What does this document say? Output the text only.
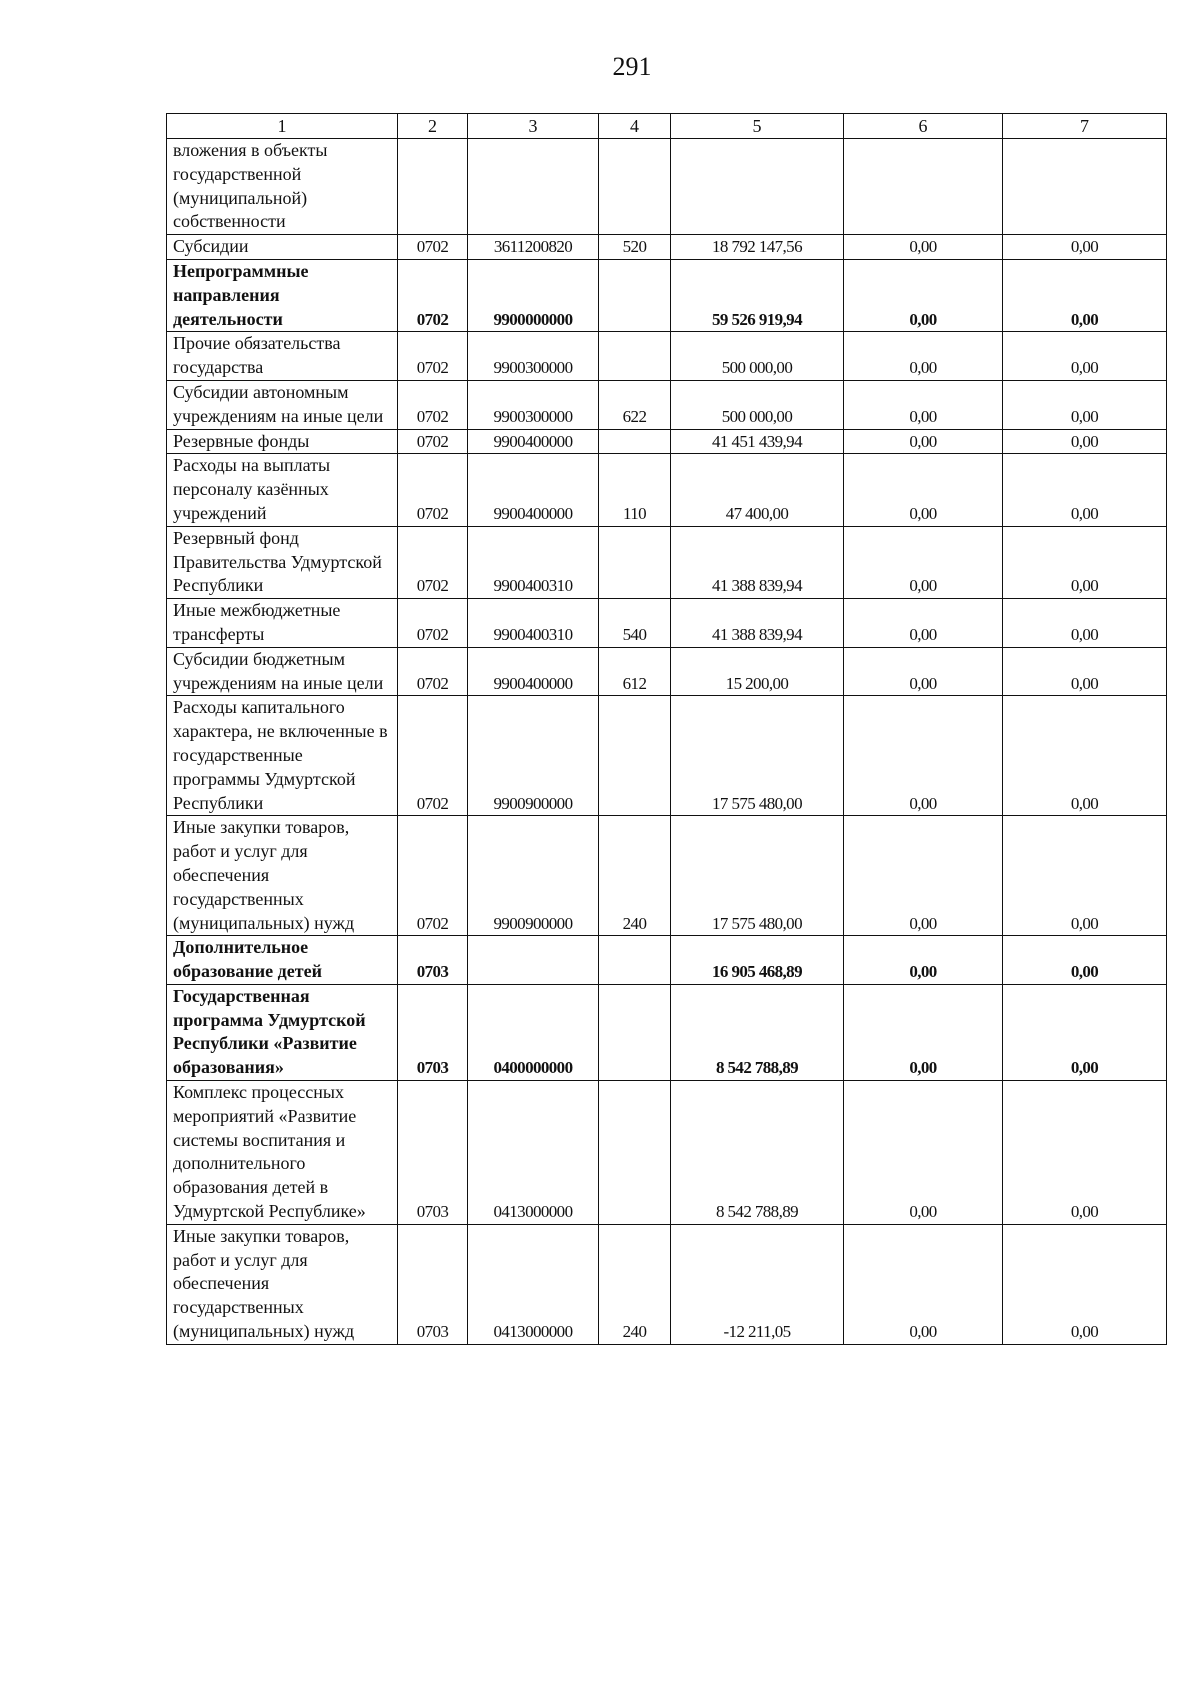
291
1	2	3	4	5	6	7
вложения в объекты государственной (муниципальной) собственности						
Субсидии	0702	3611200820	520	18 792 147,56	0,00	0,00
Непрограммные направления деятельности	0702	9900000000		59 526 919,94	0,00	0,00
Прочие обязательства государства	0702	9900300000		500 000,00	0,00	0,00
Субсидии автономным учреждениям на иные цели	0702	9900300000	622	500 000,00	0,00	0,00
Резервные фонды	0702	9900400000		41 451 439,94	0,00	0,00
Расходы на выплаты персоналу казённых учреждений	0702	9900400000	110	47 400,00	0,00	0,00
Резервный фонд Правительства Удмуртской Республики	0702	9900400310		41 388 839,94	0,00	0,00
Иные межбюджетные трансферты	0702	9900400310	540	41 388 839,94	0,00	0,00
Субсидии бюджетным учреждениям на иные цели	0702	9900400000	612	15 200,00	0,00	0,00
Расходы капитального характера, не включенные в государственные программы Удмуртской Республики	0702	9900900000		17 575 480,00	0,00	0,00
Иные закупки товаров, работ и услуг для обеспечения государственных (муниципальных) нужд	0702	9900900000	240	17 575 480,00	0,00	0,00
Дополнительное образование детей	0703			16 905 468,89	0,00	0,00
Государственная программа Удмуртской Республики «Развитие образования»	0703	0400000000		8 542 788,89	0,00	0,00
Комплекс процессных мероприятий «Развитие системы воспитания и дополнительного образования детей в Удмуртской Республике»	0703	0413000000		8 542 788,89	0,00	0,00
Иные закупки товаров, работ и услуг для обеспечения государственных (муниципальных) нужд	0703	0413000000	240	-12 211,05	0,00	0,00
